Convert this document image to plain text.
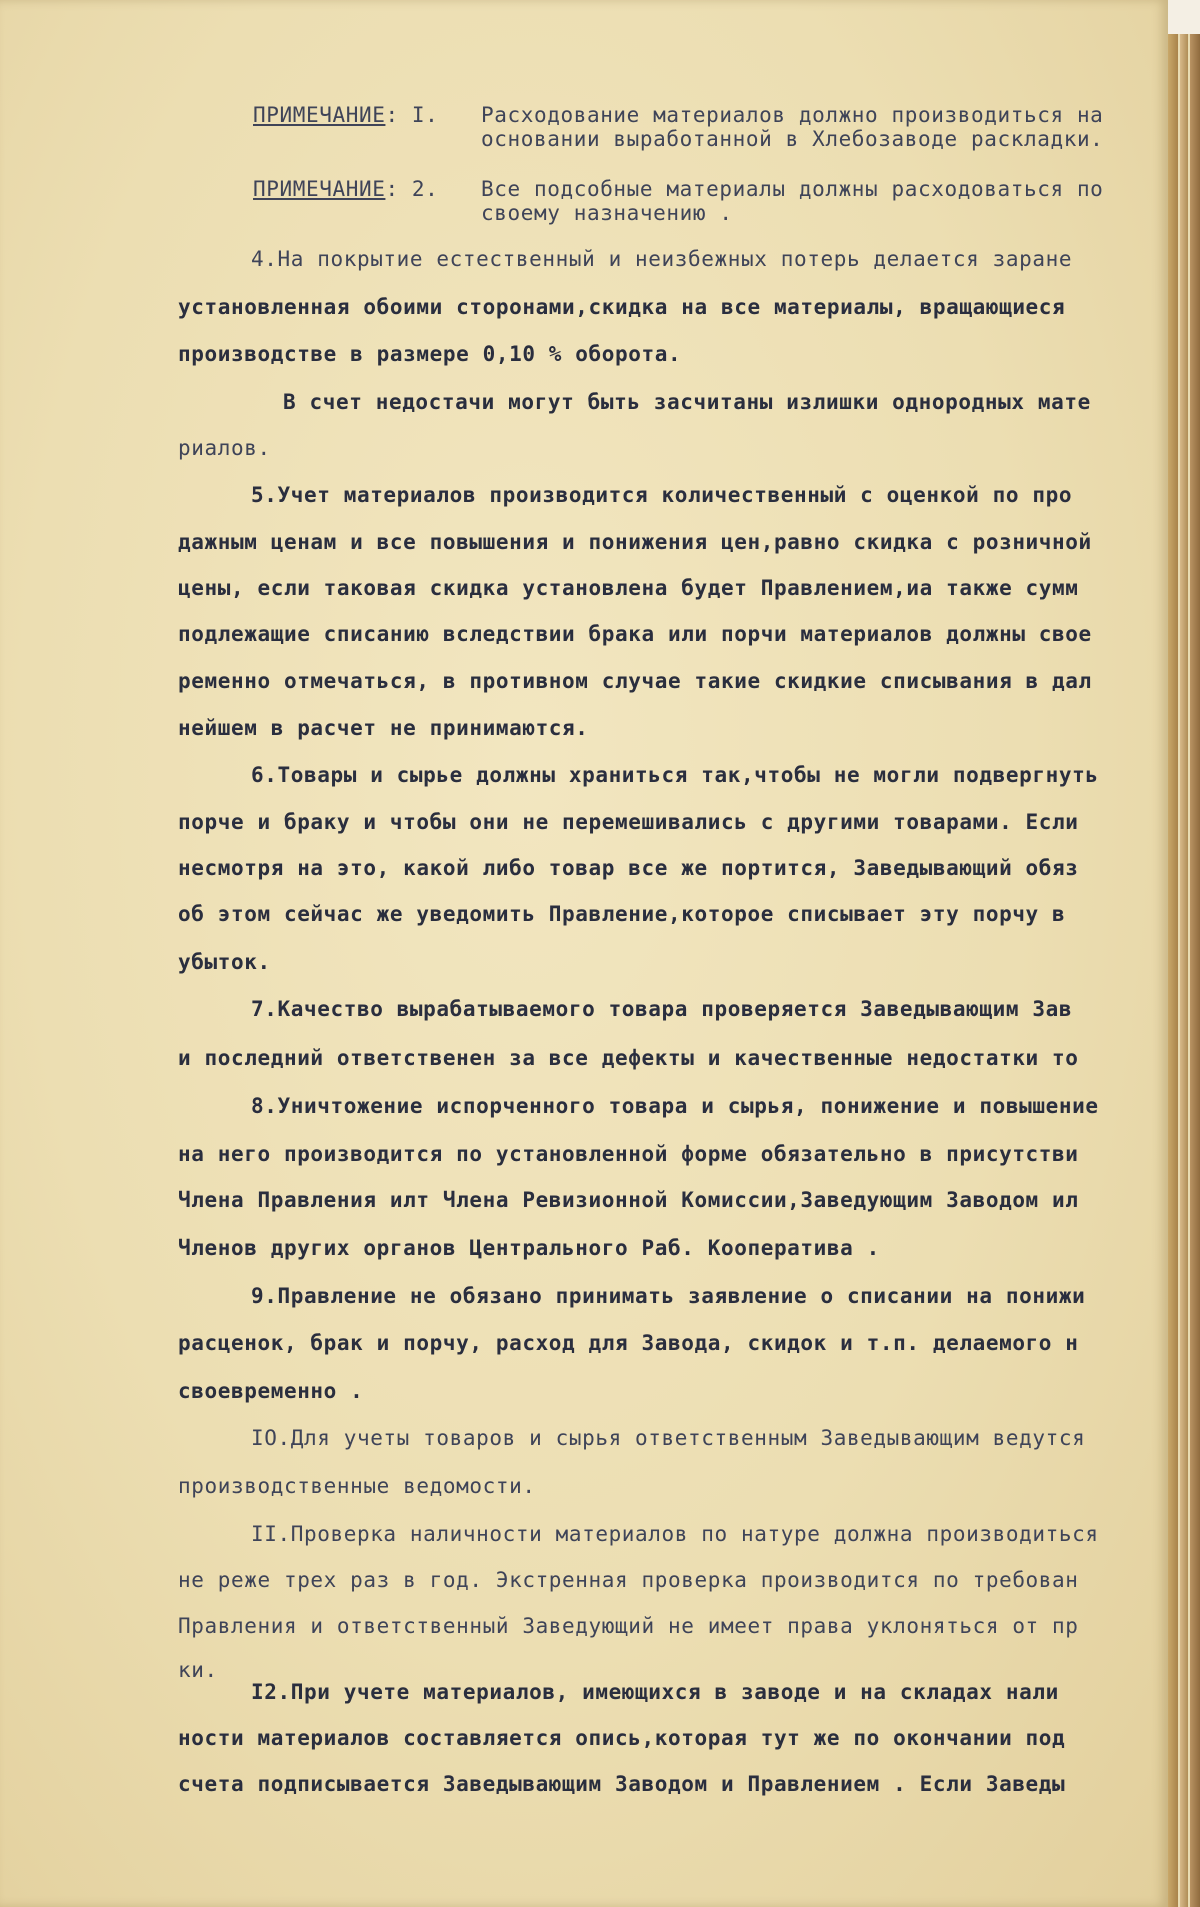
ПРИМЕЧАНИЕ: I. Расходование материалов должно производиться на
основании выработанной в Хлебозаводе раскладки.
ПРИМЕЧАНИЕ: 2. Все подсобные материалы должны расходоваться по
своему назначению .
4.На покрытие естественный и неизбежных потерь делается заране
установленная обоими сторонами,скидка на все материалы, вращающиеся
производстве в размере 0,10 % оборота.
В счет недостачи могут быть засчитаны излишки однородных мате
риалов.
5.Учет материалов производится количественный с оценкой по про
дажным ценам и все повышения и понижения цен,равно скидка с розничной
цены, если таковая скидка установлена будет Правлением,иа также сумм
подлежащие списанию вследствии брака или порчи материалов должны свое
ременно отмечаться, в противном случае такие скидкие списывания в дал
нейшем в расчет не принимаются.
6.Товары и сырье должны храниться так,чтобы не могли подвергнуть
порче и браку и чтобы они не перемешивались с другими товарами. Если
несмотря на это, какой либо товар все же портится, Заведывающий обяз
об этом сейчас же уведомить Правление,которое списывает эту порчу в
убыток.
7.Качество вырабатываемого товара проверяется Заведывающим Зав
и последний ответственен за все дефекты и качественные недостатки то
8.Уничтожение испорченного товара и сырья, понижение и повышение
на него производится по установленной форме обязательно в присутстви
Члена Правления илт Члена Ревизионной Комиссии,Заведующим Заводом ил
Членов других органов Центрального Раб. Кооператива .
9.Правление не обязано принимать заявление о списании на понижи
расценок, брак и порчу, расход для Завода, скидок и т.п. делаемого н
своевременно .
IO.Для учеты товаров и сырья ответственным Заведывающим ведутся
производственные ведомости.
II.Проверка наличности материалов по натуре должна производиться
не реже трех раз в год. Экстренная проверка производится по требован
Правления и ответственный Заведующий не имеет права уклоняться от пр
ки.
I2.При учете материалов, имеющихся в заводе и на складах нали
ности материалов составляется опись,которая тут же по окончании под
счета подписывается Заведывающим Заводом и Правлением . Если Заведы
